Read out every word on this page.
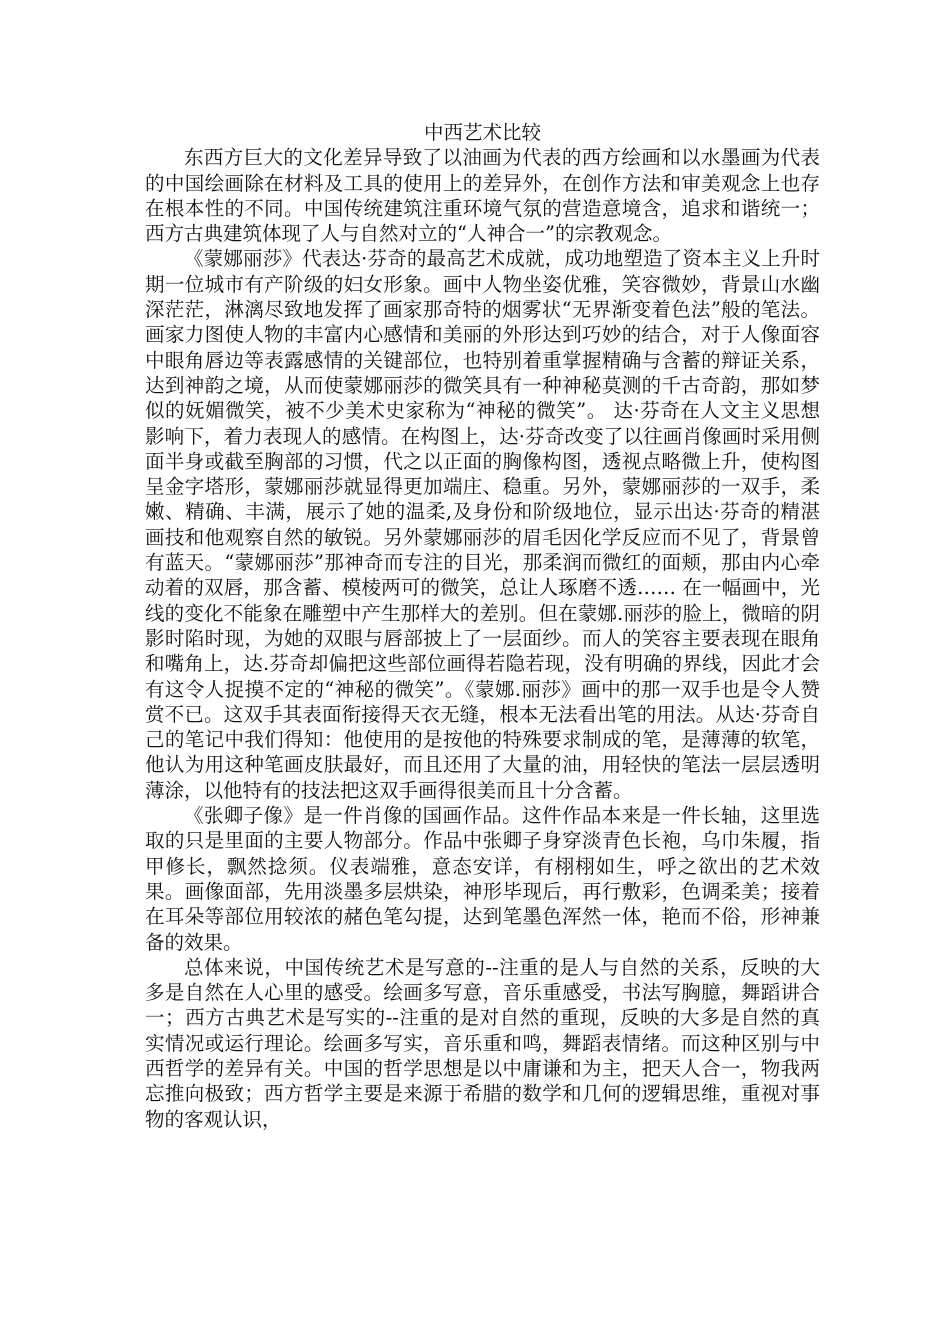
中西艺术比较

东西方巨大的文化差异导致了以油画为代表的西方绘画和以水墨画为代表的中国绘画除在材料及工具的使用上的差异外，在创作方法和审美观念上也存在根本性的不同。中国传统建筑注重环境气氛的营造意境含，追求和谐统一；西方古典建筑体现了人与自然对立的“人神合一”的宗教观念。

《蒙娜丽莎》代表达·芬奇的最高艺术成就，成功地塑造了资本主义上升时期一位城市有产阶级的妇女形象。画中人物坐姿优雅，笑容微妙，背景山水幽深茫茫，淋漓尽致地发挥了画家那奇特的烟雾状“无界渐变着色法”般的笔法。画家力图使人物的丰富内心感情和美丽的外形达到巧妙的结合，对于人像面容中眼角唇边等表露感情的关键部位，也特别着重掌握精确与含蓄的辩证关系，达到神韵之境，从而使蒙娜丽莎的微笑具有一种神秘莫测的千古奇韵，那如梦似的妩媚微笑，被不少美术史家称为“神秘的微笑”。 达·芬奇在人文主义思想影响下，着力表现人的感情。在构图上，达·芬奇改变了以往画肖像画时采用侧面半身或截至胸部的习惯，代之以正面的胸像构图，透视点略微上升，使构图呈金字塔形，蒙娜丽莎就显得更加端庄、稳重。另外，蒙娜丽莎的一双手，柔嫩、精确、丰满，展示了她的温柔,及身份和阶级地位，显示出达·芬奇的精湛画技和他观察自然的敏锐。另外蒙娜丽莎的眉毛因化学反应而不见了，背景曾有蓝天。“蒙娜丽莎”那神奇而专注的目光，那柔润而微红的面颊，那由内心牵动着的双唇，那含蓄、模棱两可的微笑，总让人琢磨不透…… 在一幅画中，光线的变化不能象在雕塑中产生那样大的差别。但在蒙娜.丽莎的脸上，微暗的阴影时陷时现，为她的双眼与唇部披上了一层面纱。而人的笑容主要表现在眼角和嘴角上，达.芬奇却偏把这些部位画得若隐若现，没有明确的界线，因此才会有这令人捉摸不定的“神秘的微笑”。《蒙娜.丽莎》画中的那一双手也是令人赞赏不已。这双手其表面衔接得天衣无缝，根本无法看出笔的用法。从达·芬奇自己的笔记中我们得知：他使用的是按他的特殊要求制成的笔，是薄薄的软笔，他认为用这种笔画皮肤最好，而且还用了大量的油，用轻快的笔法一层层透明薄涂，以他特有的技法把这双手画得很美而且十分含蓄。

《张卿子像》是一件肖像的国画作品。这件作品本来是一件长轴，这里选取的只是里面的主要人物部分。作品中张卿子身穿淡青色长袍，乌巾朱履，指甲修长，飘然捻须。仪表端雅，意态安详，有栩栩如生，呼之欲出的艺术效果。画像面部，先用淡墨多层烘染，神形毕现后，再行敷彩，色调柔美；接着在耳朵等部位用较浓的赭色笔勾提，达到笔墨色浑然一体，艳而不俗，形神兼备的效果。

总体来说，中国传统艺术是写意的--注重的是人与自然的关系，反映的大多是自然在人心里的感受。绘画多写意，音乐重感受，书法写胸臆，舞蹈讲合一；西方古典艺术是写实的--注重的是对自然的重现，反映的大多是自然的真实情况或运行理论。绘画多写实，音乐重和鸣，舞蹈表情绪。而这种区别与中西哲学的差异有关。中国的哲学思想是以中庸谦和为主，把天人合一，物我两忘推向极致；西方哲学主要是来源于希腊的数学和几何的逻辑思维，重视对事物的客观认识，
